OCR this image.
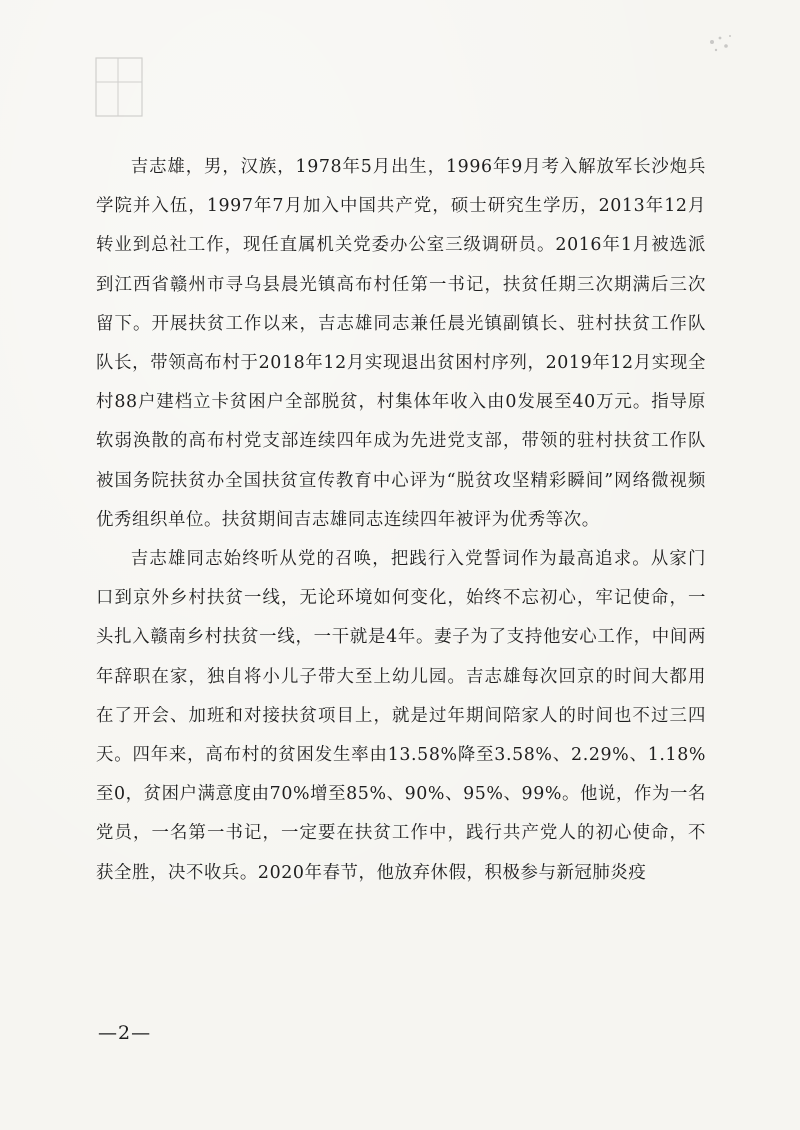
吉志雄，男，汉族，1978年5月出生，1996年9月考入解放军长沙炮兵学院并入伍，1997年7月加入中国共产党，硕士研究生学历，2013年12月转业到总社工作，现任直属机关党委办公室三级调研员。2016年1月被选派到江西省赣州市寻乌县晨光镇高布村任第一书记，扶贫任期三次期满后三次留下。开展扶贫工作以来，吉志雄同志兼任晨光镇副镇长、驻村扶贫工作队队长，带领高布村于2018年12月实现退出贫困村序列，2019年12月实现全村88户建档立卡贫困户全部脱贫，村集体年收入由0发展至40万元。指导原软弱涣散的高布村党支部连续四年成为先进党支部，带领的驻村扶贫工作队被国务院扶贫办全国扶贫宣传教育中心评为“脱贫攻坚精彩瞬间”网络微视频优秀组织单位。扶贫期间吉志雄同志连续四年被评为优秀等次。

吉志雄同志始终听从党的召唤，把践行入党誓词作为最高追求。从家门口到京外乡村扶贫一线，无论环境如何变化，始终不忘初心，牢记使命，一头扎入赣南乡村扶贫一线，一干就是4年。妻子为了支持他安心工作，中间两年辞职在家，独自将小儿子带大至上幼儿园。吉志雄每次回京的时间大都用在了开会、加班和对接扶贫项目上，就是过年期间陪家人的时间也不过三四天。四年来，高布村的贫困发生率由13.58%降至3.58%、2.29%、1.18%至0，贫困户满意度由70%增至85%、90%、95%、99%。他说，作为一名党员，一名第一书记，一定要在扶贫工作中，践行共产党人的初心使命，不获全胜，决不收兵。2020年春节，他放弃休假，积极参与新冠肺炎疫

—2—
